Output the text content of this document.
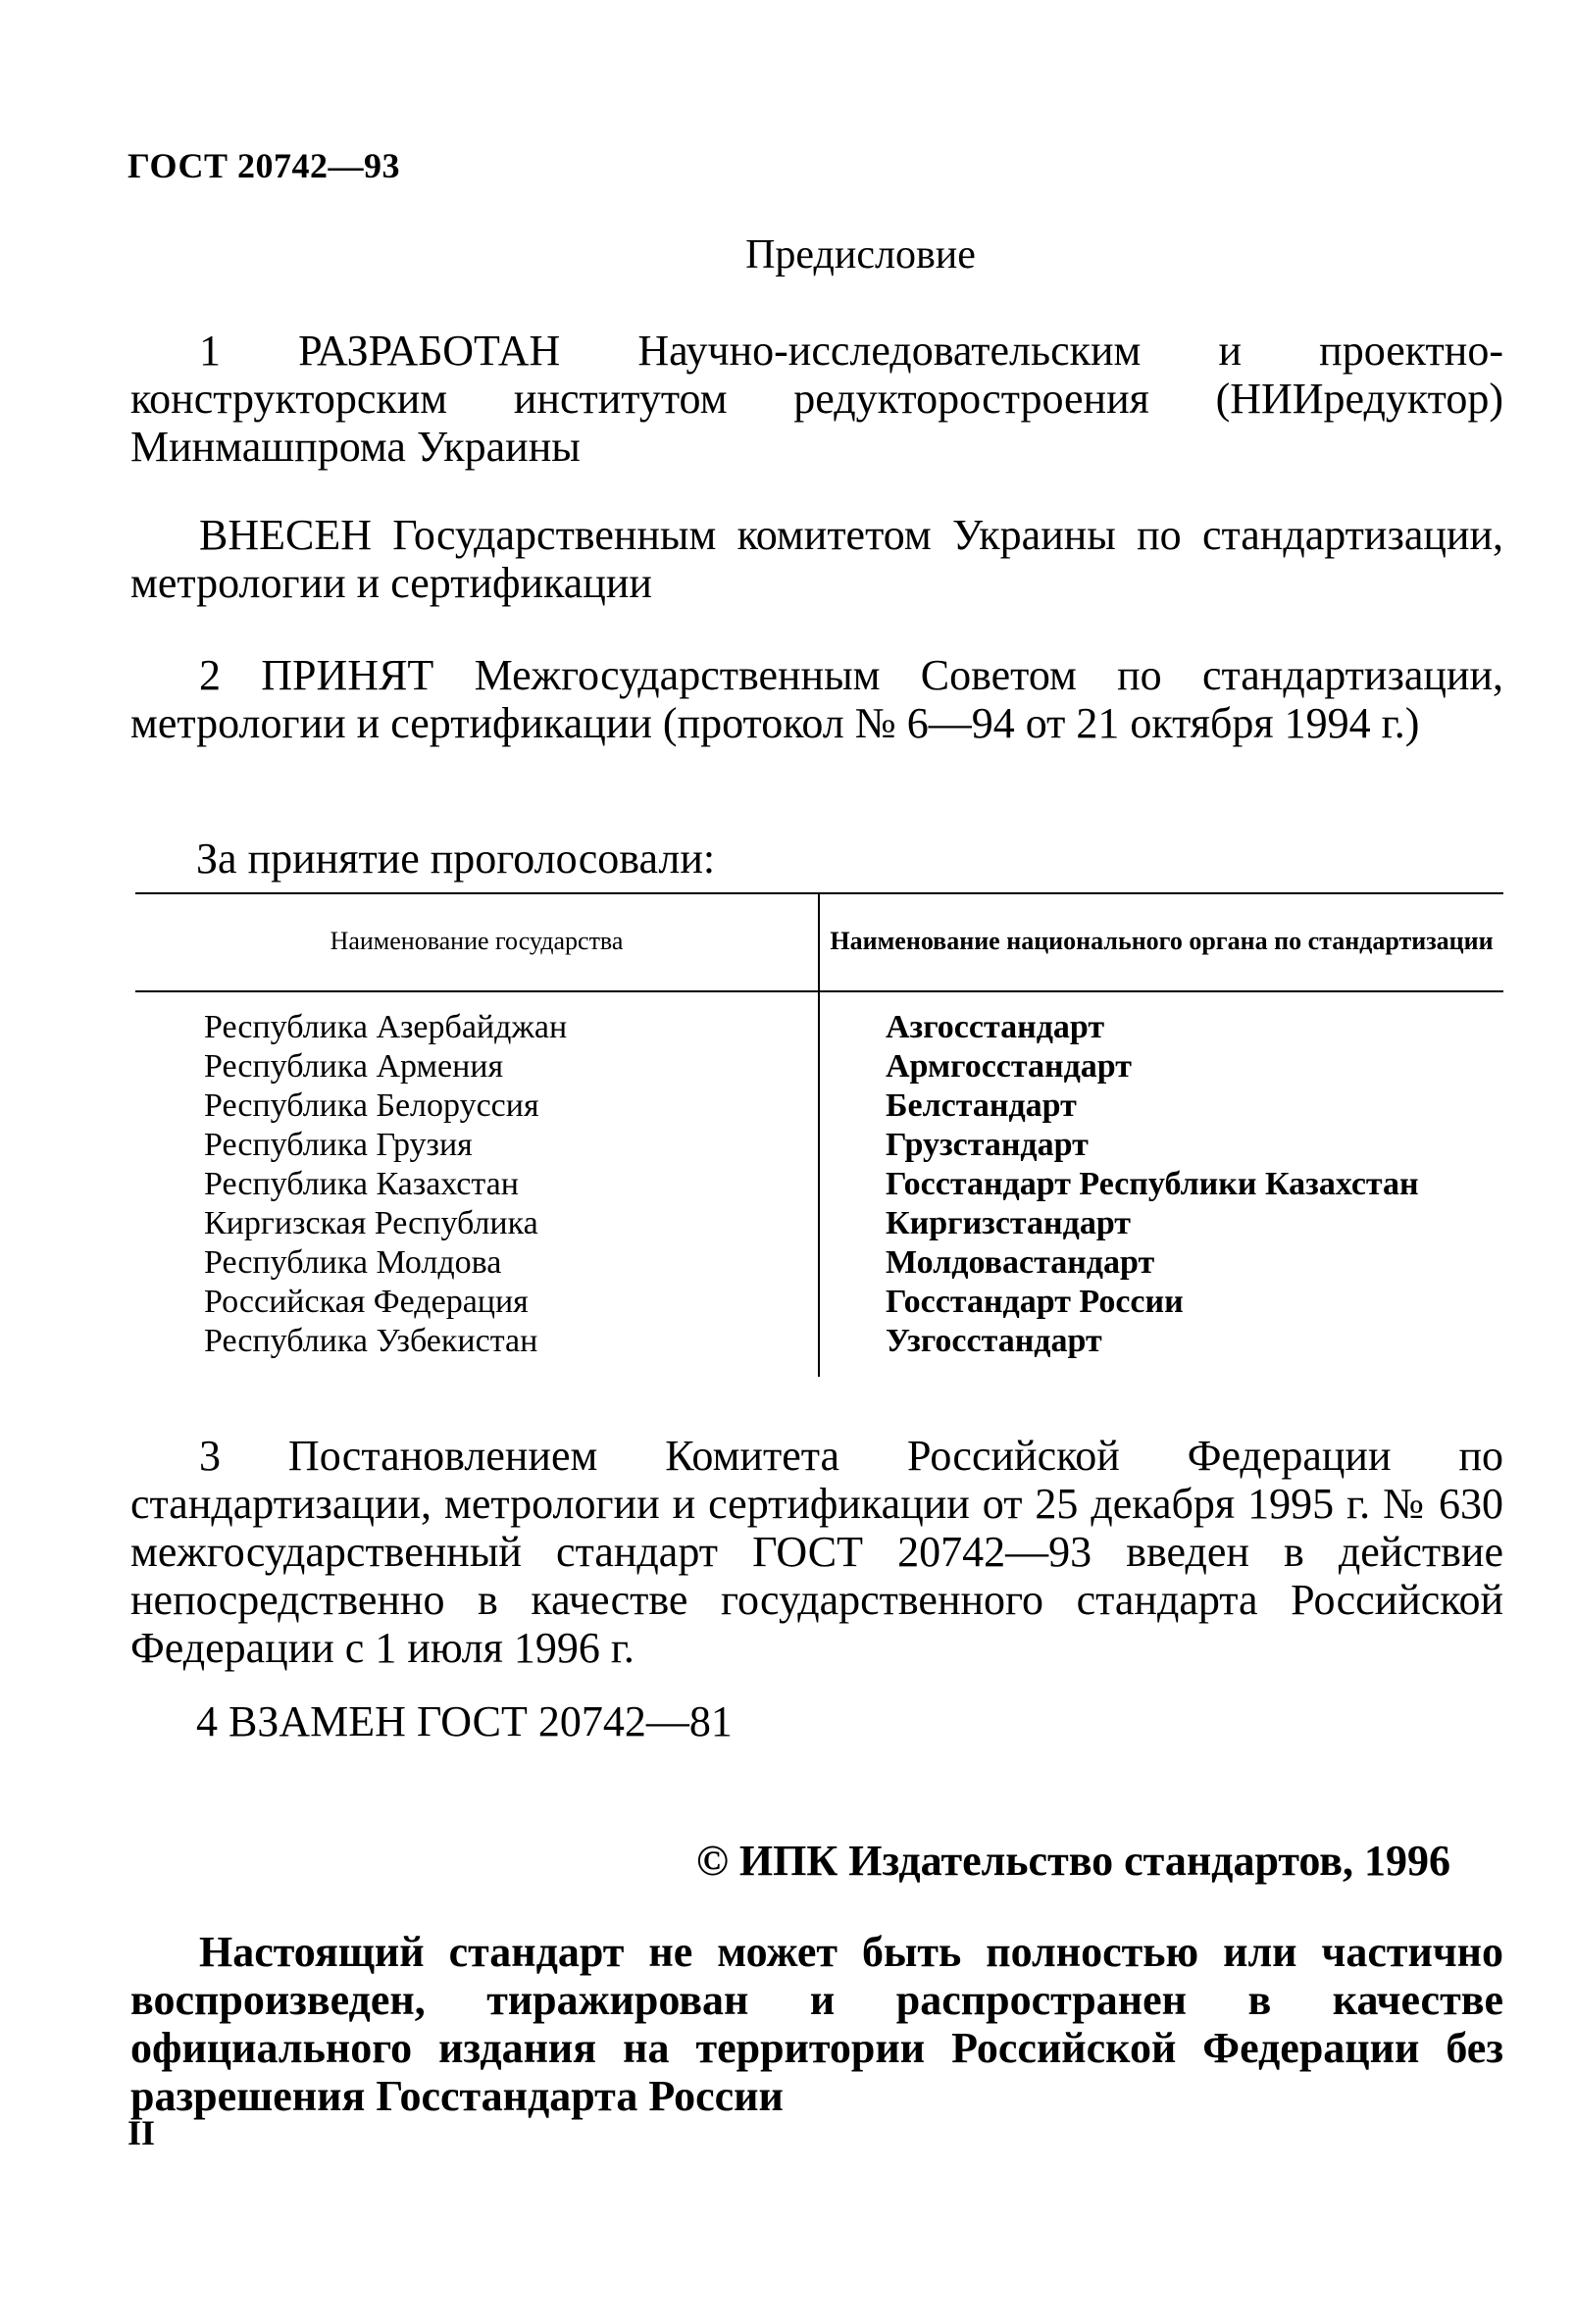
ГОСТ 20742—93
Предисловие
1 РАЗРАБОТАН Научно-исследовательским и проектно-конструкторским институтом редукторостроения (НИИредуктор) Минмашпрома Украины
ВНЕСЕН Государственным комитетом Украины по стандартизации, метрологии и сертификации
2 ПРИНЯТ Межгосударственным Советом по стандартизации, метрологии и сертификации (протокол № 6—94 от 21 октября 1994 г.)
За принятие проголосовали:
Наименование государства	Наименование национального органа по стандартизации
Республика Азербайджан
Республика Армения
Республика Белоруссия
Республика Грузия
Республика Казахстан
Киргизская Республика
Республика Молдова
Российская Федерация
Республика Узбекистан
Азгосстандарт
Армгосстандарт
Белстандарт
Грузстандарт
Госстандарт Республики Казахстан
Киргизстандарт
Молдовастандарт
Госстандарт России
Узгосстандарт
3 Постановлением Комитета Российской Федерации по стандартизации, метрологии и сертификации от 25 декабря 1995 г. № 630 межгосударственный стандарт ГОСТ 20742—93 введен в действие непосредственно в качестве государственного стандарта Российской Федерации с 1 июля 1996 г.
4 ВЗАМЕН ГОСТ 20742—81
© ИПК Издательство стандартов, 1996
Настоящий стандарт не может быть полностью или частично воспроизведен, тиражирован и распространен в качестве официального издания на территории Российской Федерации без разрешения Госстандарта России
II
